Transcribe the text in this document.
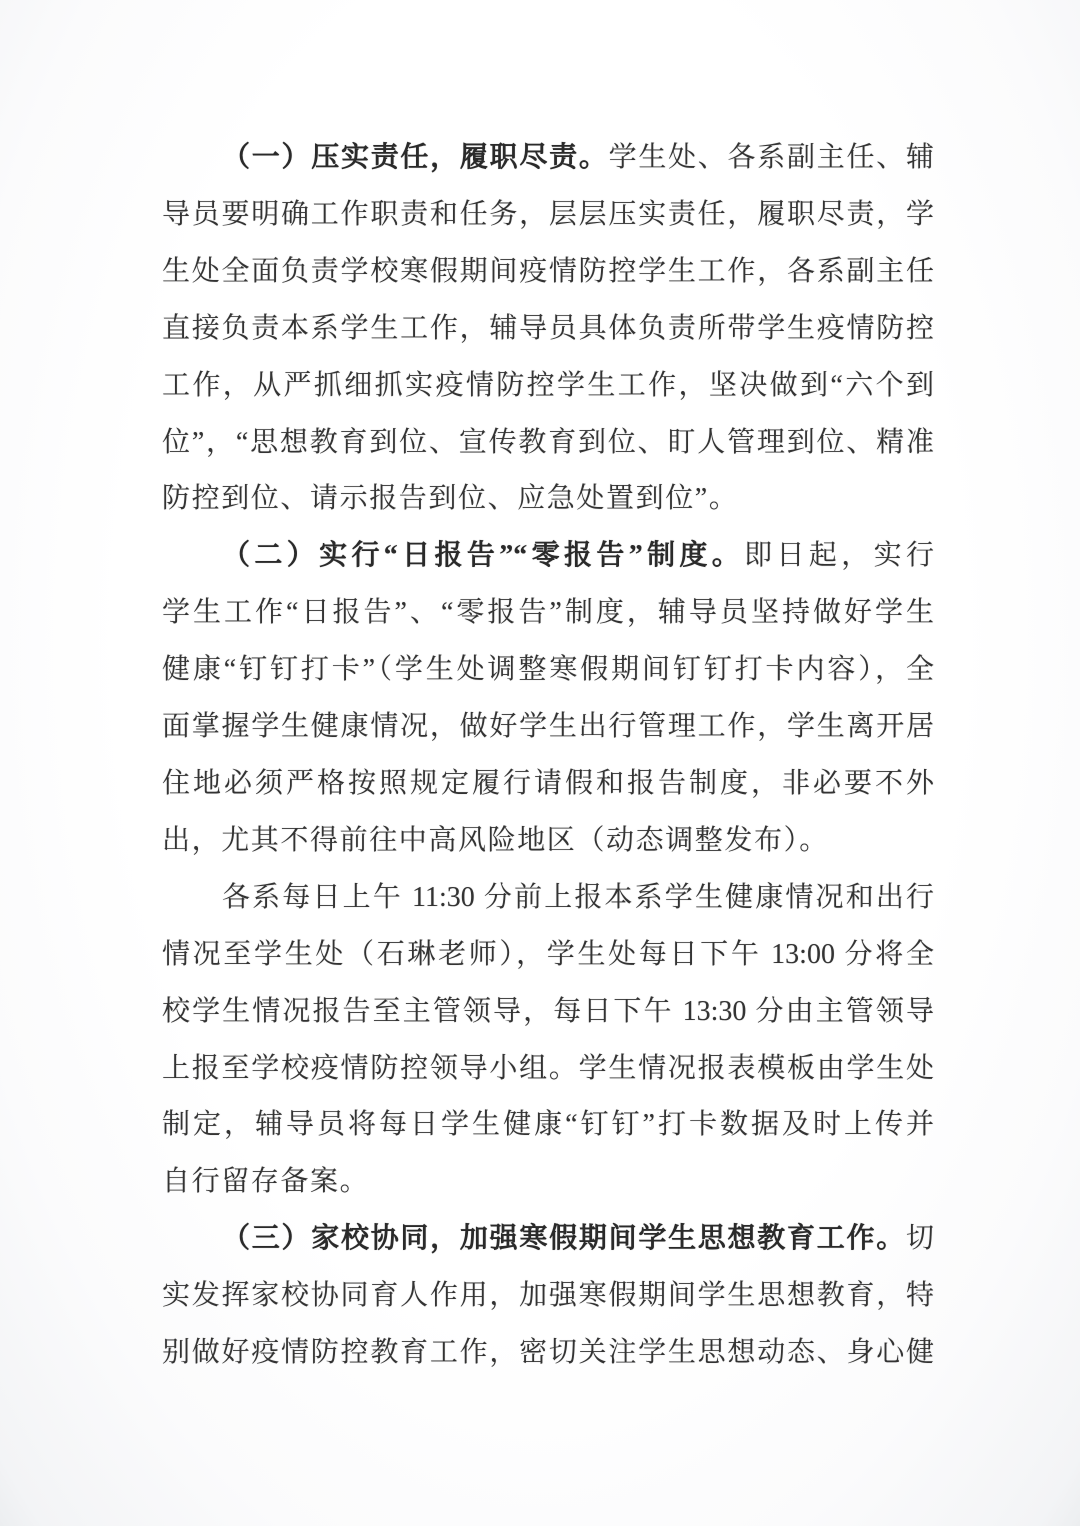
（一）压实责任，履职尽责。学生处、各系副主任、辅
导员要明确工作职责和任务，层层压实责任，履职尽责，学
生处全面负责学校寒假期间疫情防控学生工作，各系副主任
直接负责本系学生工作，辅导员具体负责所带学生疫情防控
工作，从严抓细抓实疫情防控学生工作，坚决做到“六个到
位”，“思想教育到位、宣传教育到位、盯人管理到位、精准
防控到位、请示报告到位、应急处置到位”。
（二）实行“日报告”“零报告”制度。即日起，实行
学生工作“日报告”、“零报告”制度，辅导员坚持做好学生
健康“钉钉打卡”（学生处调整寒假期间钉钉打卡内容），全
面掌握学生健康情况，做好学生出行管理工作，学生离开居
住地必须严格按照规定履行请假和报告制度，非必要不外
出，尤其不得前往中高风险地区（动态调整发布）。
各系每日上午 11:30 分前上报本系学生健康情况和出行
情况至学生处（石琳老师），学生处每日下午 13:00 分将全
校学生情况报告至主管领导，每日下午 13:30 分由主管领导
上报至学校疫情防控领导小组。学生情况报表模板由学生处
制定，辅导员将每日学生健康“钉钉”打卡数据及时上传并
自行留存备案。
（三）家校协同，加强寒假期间学生思想教育工作。切
实发挥家校协同育人作用，加强寒假期间学生思想教育，特
别做好疫情防控教育工作，密切关注学生思想动态、身心健
